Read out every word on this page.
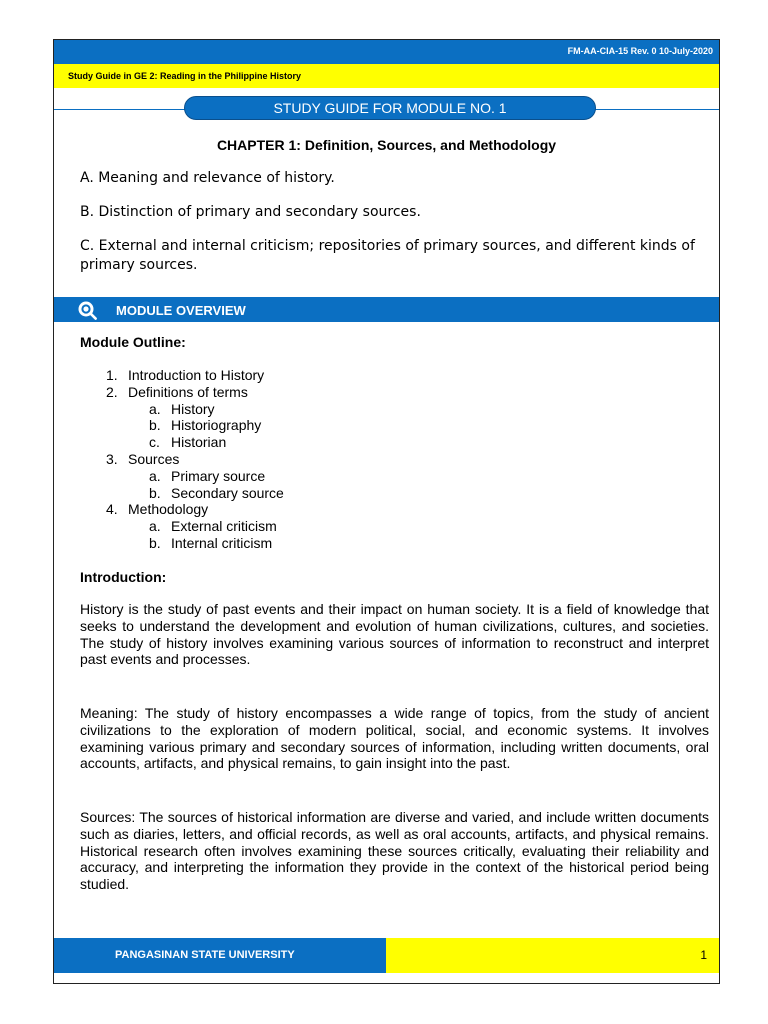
FM-AA-CIA-15 Rev. 0 10-July-2020
Study Guide in GE 2: Reading in the Philippine History
STUDY GUIDE FOR MODULE NO. 1
CHAPTER 1: Definition, Sources, and Methodology
A. Meaning and relevance of history.
B. Distinction of primary and secondary sources.
C. External and internal criticism; repositories of primary sources, and different kinds of primary sources.
MODULE OVERVIEW
Module Outline:
1. Introduction to History
2. Definitions of terms
a. History
b. Historiography
c. Historian
3. Sources
a. Primary source
b. Secondary source
4. Methodology
a. External criticism
b. Internal criticism
Introduction:

History is the study of past events and their impact on human society. It is a field of knowledge that seeks to understand the development and evolution of human civilizations, cultures, and societies. The study of history involves examining various sources of information to reconstruct and interpret past events and processes.

Meaning: The study of history encompasses a wide range of topics, from the study of ancient civilizations to the exploration of modern political, social, and economic systems. It involves examining various primary and secondary sources of information, including written documents, oral accounts, artifacts, and physical remains, to gain insight into the past.

Sources: The sources of historical information are diverse and varied, and include written documents such as diaries, letters, and official records, as well as oral accounts, artifacts, and physical remains. Historical research often involves examining these sources critically, evaluating their reliability and accuracy, and interpreting the information they provide in the context of the historical period being studied.

PANGASINAN STATE UNIVERSITY	1
